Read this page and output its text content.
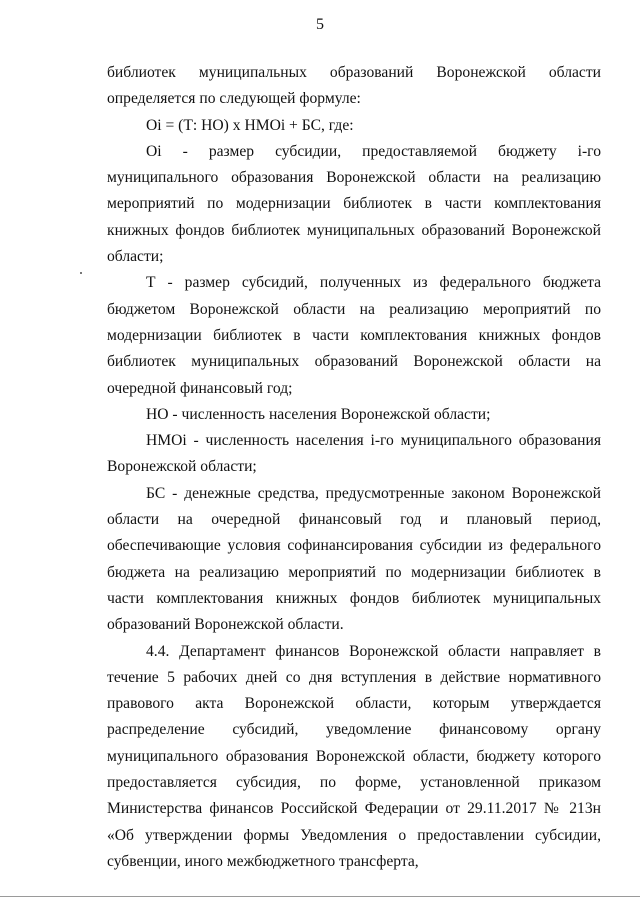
5

библиотек муниципальных образований Воронежской области определяется по следующей формуле:

Оi = (Т: НО) х НМОi + БС, где:

Оi - размер субсидии, предоставляемой бюджету i-го муниципального образования Воронежской области на реализацию мероприятий по модернизации библиотек в части комплектования книжных фондов библиотек муниципальных образований Воронежской области;

Т - размер субсидий, полученных из федерального бюджета бюджетом Воронежской области на реализацию мероприятий по модернизации библиотек в части комплектования книжных фондов библиотек муниципальных образований Воронежской области на очередной финансовый год;

НО - численность населения Воронежской области;

НМОi - численность населения i-го муниципального образования Воронежской области;

БС - денежные средства, предусмотренные законом Воронежской области на очередной финансовый год и плановый период, обеспечивающие условия софинансирования субсидии из федерального бюджета на реализацию мероприятий по модернизации библиотек в части комплектования книжных фондов библиотек муниципальных образований Воронежской области.

4.4. Департамент финансов Воронежской области направляет в течение 5 рабочих дней со дня вступления в действие нормативного правового акта Воронежской области, которым утверждается распределение субсидий, уведомление финансовому органу муниципального образования Воронежской области, бюджету которого предоставляется субсидия, по форме, установленной приказом Министерства финансов Российской Федерации от 29.11.2017 № 213н «Об утверждении формы Уведомления о предоставлении субсидии, субвенции, иного межбюджетного трансферта,
